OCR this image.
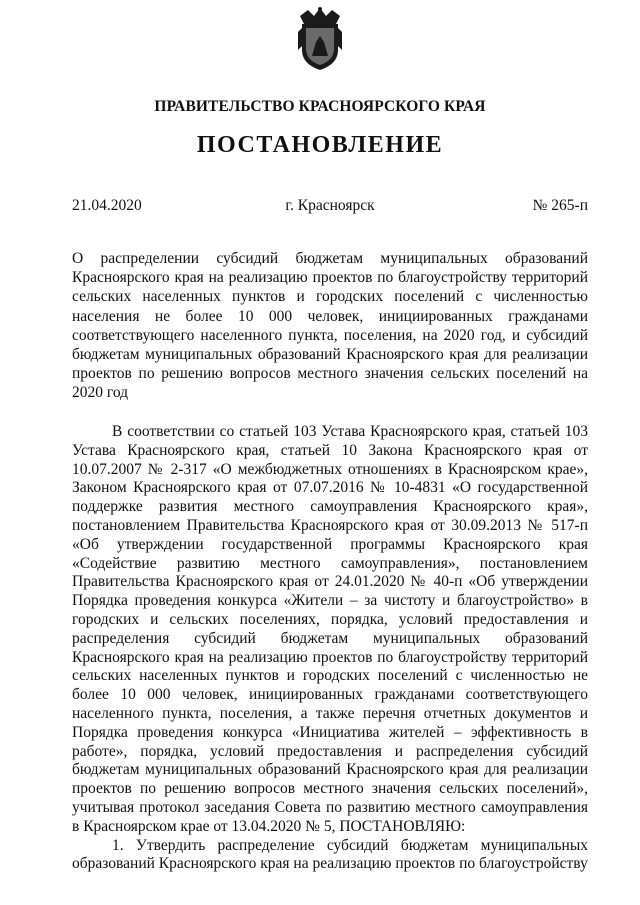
ПРАВИТЕЛЬСТВО КРАСНОЯРСКОГО КРАЯ
ПОСТАНОВЛЕНИЕ
21.04.2020	г. Красноярск	№ 265-п
О распределении субсидий бюджетам муниципальных образований Красноярского края на реализацию проектов по благоустройству территорий сельских населенных пунктов и городских поселений с численностью населения не более 10 000 человек, инициированных гражданами соответствующего населенного пункта, поселения, на 2020 год, и субсидий бюджетам муниципальных образований Красноярского края для реализации проектов по решению вопросов местного значения сельских поселений на 2020 год

В соответствии со статьей 103 Устава Красноярского края, статьей 103 Устава Красноярского края, статьей 10 Закона Красноярского края от 10.07.2007 № 2-317 «О межбюджетных отношениях в Красноярском крае», Законом Красноярского края от 07.07.2016 № 10-4831 «О государственной поддержке развития местного самоуправления Красноярского края», постановлением Правительства Красноярского края от 30.09.2013 № 517-п «Об утверждении государственной программы Красноярского края «Содействие развитию местного самоуправления», постановлением Правительства Красноярского края от 24.01.2020 № 40-п «Об утверждении Порядка проведения конкурса «Жители – за чистоту и благоустройство» в городских и сельских поселениях, порядка, условий предоставления и распределения субсидий бюджетам муниципальных образований Красноярского края на реализацию проектов по благоустройству территорий сельских населенных пунктов и городских поселений с численностью не более 10 000 человек, инициированных гражданами соответствующего населенного пункта, поселения, а также перечня отчетных документов и Порядка проведения конкурса «Инициатива жителей – эффективность в работе», порядка, условий предоставления и распределения субсидий бюджетам муниципальных образований Красноярского края для реализации проектов по решению вопросов местного значения сельских поселений», учитывая протокол заседания Совета по развитию местного самоуправления в Красноярском крае от 13.04.2020 № 5, ПОСТАНОВЛЯЮ:

1. Утвердить распределение субсидий бюджетам муниципальных образований Красноярского края на реализацию проектов по благоустройству
